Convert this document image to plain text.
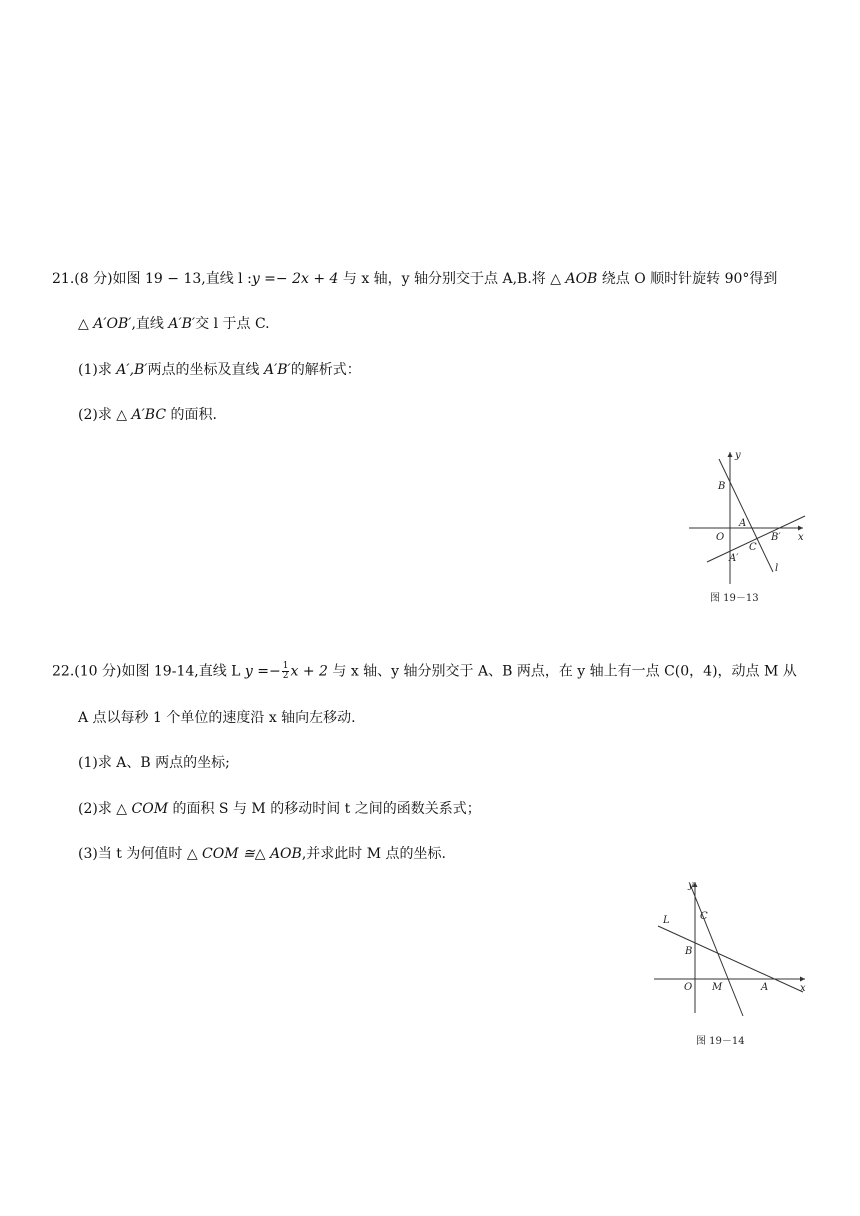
21.(8 分)如图 19 − 13,直线 l :y =− 2x + 4 与 x 轴，y 轴分别交于点 A,B.将 △ AOB 绕点 O 顺时针旋转 90°得到
△ A′OB′,直线 A′B′交 l 于点 C.
(1)求 A′,B′两点的坐标及直线 A′B′的解析式：
(2)求 △ A′BC 的面积.
y
x
O
B
A
C
B′
A′
l
图 19－13
22.(10 分)如图 19-14,直线 L $y =- \frac{1}{2}$ x + 2 与 x 轴、y 轴分别交于 A、B 两点，在 y 轴上有一点 C(0，4)，动点 M 从
A 点以每秒 1 个单位的速度沿 x 轴向左移动.
(1)求 A、B 两点的坐标;
(2)求 △ COM 的面积 S 与 M 的移动时间 t 之间的函数关系式；
(3)当 t 为何值时 △ COM ≅△ AOB,并求此时 M 点的坐标.
y
x
L	C
B
O M	A
图 19－14
